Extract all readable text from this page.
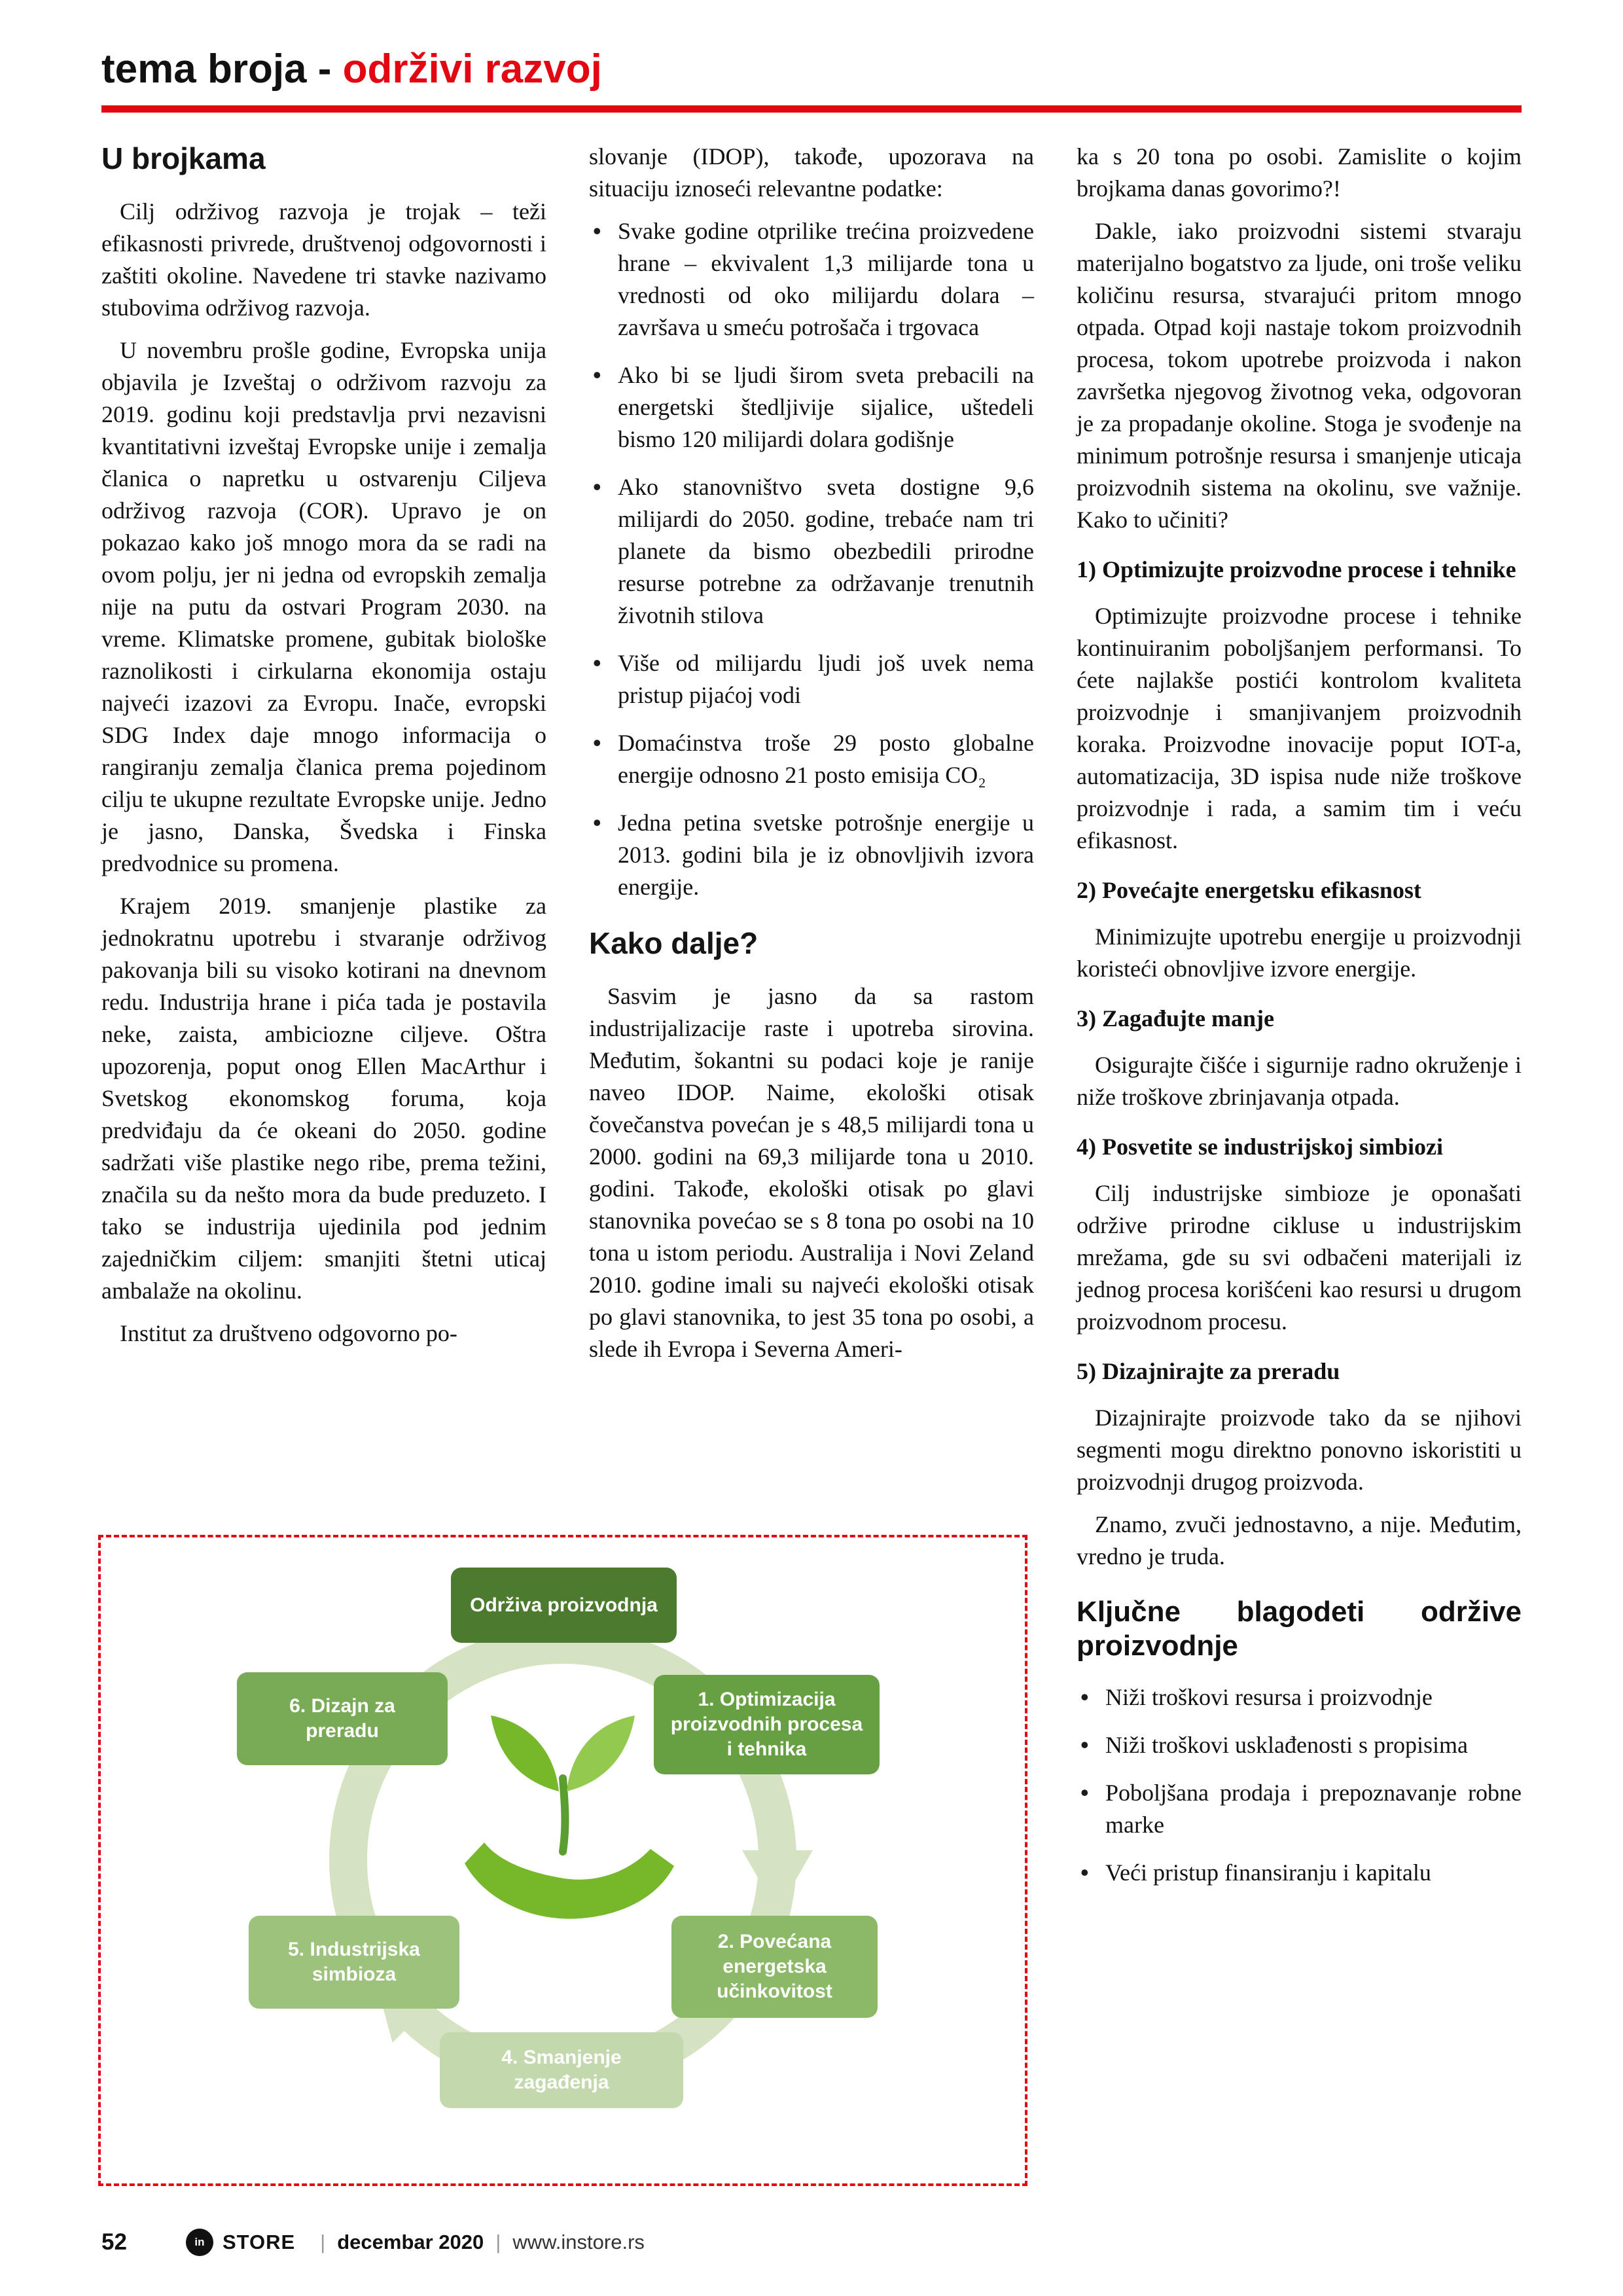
tema broja - održivi razvoj
U brojkama

Cilj održivog razvoja je trojak – teži efikasnosti privrede, društvenoj odgovornosti i zaštiti okoline. Navedene tri stavke nazivamo stubovima održivog razvoja.

U novembru prošle godine, Evropska unija objavila je Izveštaj o održivom razvoju za 2019. godinu koji predstavlja prvi nezavisni kvantitativni izveštaj Evropske unije i zemalja članica o napretku u ostvarenju Ciljeva održivog razvoja (COR). Upravo je on pokazao kako još mnogo mora da se radi na ovom polju, jer ni jedna od evropskih zemalja nije na putu da ostvari Program 2030. na vreme. Klimatske promene, gubitak biološke raznolikosti i cirkularna ekonomija ostaju najveći izazovi za Evropu. Inače, evropski SDG Index daje mnogo informacija o rangiranju zemalja članica prema pojedinom cilju te ukupne rezultate Evropske unije. Jedno je jasno, Danska, Švedska i Finska predvodnice su promena.

Krajem 2019. smanjenje plastike za jednokratnu upotrebu i stvaranje održivog pakovanja bili su visoko kotirani na dnevnom redu. Industrija hrane i pića tada je postavila neke, zaista, ambiciozne ciljeve. Oštra upozorenja, poput onog Ellen MacArthur i Svetskog ekonomskog foruma, koja predviđaju da će okeani do 2050. godine sadržati više plastike nego ribe, prema težini, značila su da nešto mora da bude preduzeto. I tako se industrija ujedinila pod jednim zajedničkim ciljem: smanjiti štetni uticaj ambalaže na okolinu.

Institut za društveno odgovorno po-

slovanje (IDOP), takođe, upozorava na situaciju iznoseći relevantne podatke:

• Svake godine otprilike trećina proizvedene hrane – ekvivalent 1,3 milijarde tona u vrednosti od oko milijardu dolara – završava u smeću potrošača i trgovaca
• Ako bi se ljudi širom sveta prebacili na energetski štedljivije sijalice, uštedeli bismo 120 milijardi dolara godišnje
• Ako stanovništvo sveta dostigne 9,6 milijardi do 2050. godine, trebaće nam tri planete da bismo obezbedili prirodne resurse potrebne za održavanje trenutnih životnih stilova
• Više od milijardu ljudi još uvek nema pristup pijaćoj vodi
• Domaćinstva troše 29 posto globalne energije odnosno 21 posto emisija CO₂
• Jedna petina svetske potrošnje energije u 2013. godini bila je iz obnovljivih izvora energije.
Kako dalje?

Sasvim je jasno da sa rastom industrijalizacije raste i upotreba sirovina. Međutim, šokantni su podaci koje je ranije naveo IDOP. Naime, ekološki otisak čovečanstva povećan je s 48,5 milijardi tona u 2000. godini na 69,3 milijarde tona u 2010. godini. Takođe, ekološki otisak po glavi stanovnika povećao se s 8 tona po osobi na 10 tona u istom periodu. Australija i Novi Zeland 2010. godine imali su najveći ekološki otisak po glavi stanovnika, to jest 35 tona po osobi, a slede ih Evropa i Severna Ameri-

ka s 20 tona po osobi. Zamislite o kojim brojkama danas govorimo?!

Dakle, iako proizvodni sistemi stvaraju materijalno bogatstvo za ljude, oni troše veliku količinu resursa, stvarajući pritom mnogo otpada. Otpad koji nastaje tokom proizvodnih procesa, tokom upotrebe proizvoda i nakon završetka njegovog životnog veka, odgovoran je za propadanje okoline. Stoga je svođenje na minimum potrošnje resursa i smanjenje uticaja proizvodnih sistema na okolinu, sve važnije. Kako to učiniti?

1) Optimizujte proizvodne procese i tehnike

Optimizujte proizvodne procese i tehnike kontinuiranim poboljšanjem performansi. To ćete najlakše postići kontrolom kvaliteta proizvodnje i smanjivanjem proizvodnih koraka. Proizvodne inovacije poput IOT-a, automatizacija, 3D ispisa nude niže troškove proizvodnje i rada, a samim tim i veću efikasnost.

2) Povećajte energetsku efikasnost

Minimizujte upotrebu energije u proizvodnji koristeći obnovljive izvore energije.

3) Zagađujte manje

Osigurajte čišće i sigurnije radno okruženje i niže troškove zbrinjavanja otpada.

4) Posvetite se industrijskoj simbiozi

Cilj industrijske simbioze je oponašati održive prirodne cikluse u industrijskim mrežama, gde su svi odbačeni materijali iz jednog procesa korišćeni kao resursi u drugom proizvodnom procesu.

5) Dizajnirajte za preradu

Dizajnirajte proizvode tako da se njihovi segmenti mogu direktno ponovno iskoristiti u proizvodnji drugog proizvoda.

Znamo, zvuči jednostavno, a nije. Međutim, vredno je truda.

Ključne blagodeti održive proizvodnje
• Niži troškovi resursa i proizvodnje
• Niži troškovi usklađenosti s propisima
• Poboljšana prodaja i prepoznavanje robne marke
• Veći pristup finansiranju i kapitalu
Održiva proizvodnja
1. Optimizacija proizvodnih procesa i tehnika
2. Povećana energetska učinkovitost
4. Smanjenje zagađenja
5. Industrijska simbioza
6. Dizajn za preradu
52	in STORE | decembar 2020 | www.instore.rs
